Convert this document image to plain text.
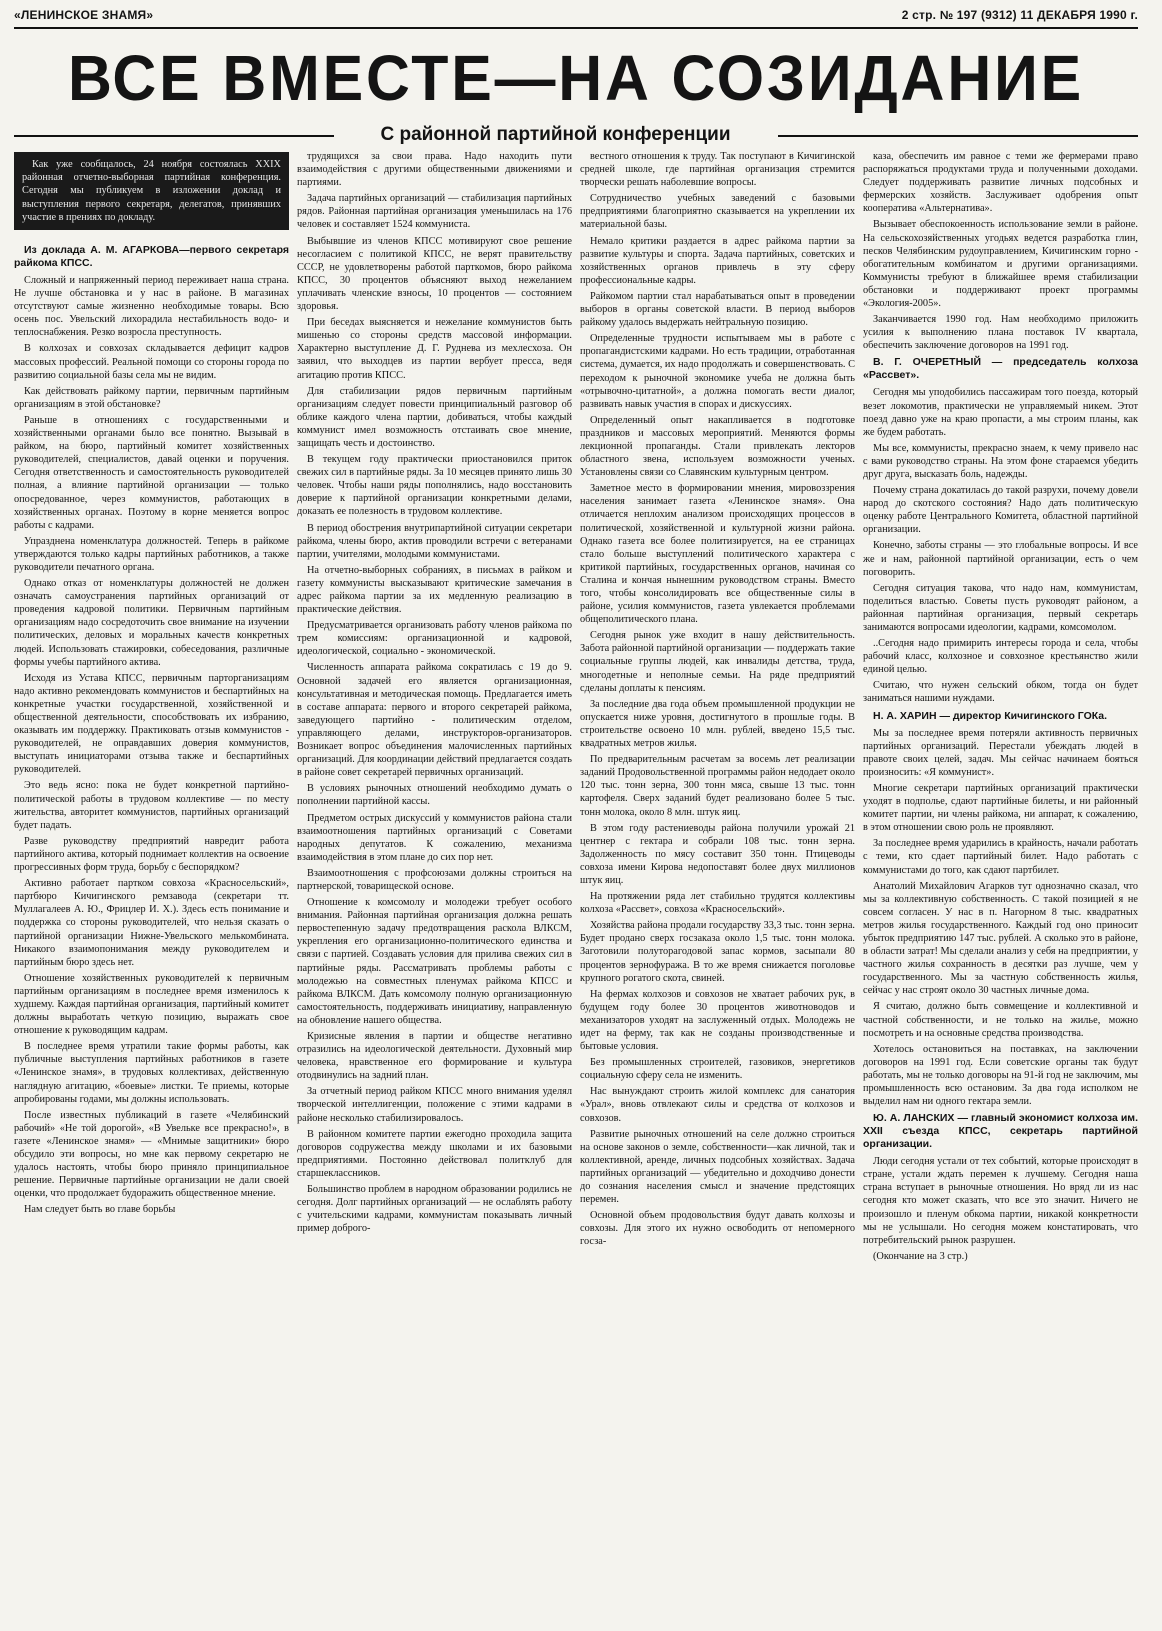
«ЛЕНИНСКОЕ ЗНАМЯ»	2 стр. № 197 (9312) 11 ДЕКАБРЯ 1990 г.
ВСЕ ВМЕСТЕ—НА СОЗИДАНИЕ
С районной партийной конференции
Как уже сообщалось, 24 ноября состоялась XXIX районная отчетно-выборная партийная конференция. Сегодня мы публикуем в изложении доклад и выступления первого секретаря, делегатов, принявших участие в прениях по докладу.
Из доклада А. М. АГАРКОВА—первого секретаря райкома КПСС.

Сложный и напряженный период переживает наша страна. Не лучше обстановка и у нас в районе. В магазинах отсутствуют самые жизненно необходимые товары. Всю осень пос. Увельский лихорадила нестабильность водо- и теплоснабжения. Резко возросла преступность.

В колхозах и совхозах складывается дефицит кадров массовых профессий. Реальной помощи со стороны города по развитию социальной базы села мы не видим.

Как действовать райкому партии, первичным партийным организациям в этой обстановке?

Раньше в отношениях с государственными и хозяйственными органами было все понятно. Вызывай в райком, на бюро, партийный комитет хозяйственных руководителей, специалистов, давай оценки и поручения. Сегодня ответственность и самостоятельность руководителей полная, а влияние партийной организации — только опосредованное, через коммунистов, работающих в хозяйственных органах. Поэтому в корне меняется вопрос работы с кадрами.

Упразднена номенклатура должностей. Теперь в райкоме утверждаются только кадры партийных работников, а также руководители печатного органа.

Однако отказ от номенклатуры должностей не должен означать самоустранения партийных организаций от проведения кадровой политики. Первичным партийным организациям надо сосредоточить свое внимание на изучении политических, деловых и моральных качеств конкретных людей. Использовать стажировки, собеседования, различные формы учебы партийного актива.

Исходя из Устава КПСС, первичным парторганизациям надо активно рекомендовать коммунистов и беспартийных на конкретные участки государственной, хозяйственной и общественной деятельности, способствовать их избранию, оказывать им поддержку. Практиковать отзыв коммунистов - руководителей, не оправдавших доверия коммунистов, выступать инициаторами отзыва также и беспартийных руководителей.

Это ведь ясно: пока не будет конкретной партийно-политической работы в трудовом коллективе — по месту жительства, авторитет коммунистов, партийных организаций будет падать.

Разве руководству предприятий навредит работа партийного актива, который поднимает коллектив на освоение прогрессивных форм труда, борьбу с беспорядком?

Активно работает партком совхоза «Красносельский», партбюро Кичигинского ремзавода (секретари тт. Муллагалеев А. Ю., Фрицлер И. Х.). Здесь есть понимание и поддержка со стороны руководителей, что нельзя сказать о партийной организации Нижне-Увельского мелькомбината. Никакого взаимопонимания между руководителем и партийным бюро здесь нет.

Отношение хозяйственных руководителей к первичным партийным организациям в последнее время изменилось к худшему. Каждая партийная организация, партийный комитет должны выработать четкую позицию, выражать свое отношение к руководящим кадрам.

В последнее время утратили такие формы работы, как публичные выступления партийных работников в газете «Ленинское знамя», в трудовых коллективах, действенную наглядную агитацию, «боевые» листки. Те приемы, которые апробированы годами, мы должны использовать.

После известных публикаций в газете «Челябинский рабочий» «Не той дорогой», «В Увельке все прекрасно!», в газете «Ленинское знамя» — «Мнимые защитники» бюро обсудило эти вопросы, но мне как первому секретарю не удалось настоять, чтобы бюро приняло принципиальное решение. Первичные партийные организации не дали своей оценки, что продолжает будоражить общественное мнение.

Нам следует быть во главе борьбы

трудящихся за свои права. Надо находить пути взаимодействия с другими общественными движениями и партиями.

Задача партийных организаций — стабилизация партийных рядов. Районная партийная организация уменьшилась на 176 человек и составляет 1524 коммуниста.

Выбывшие из членов КПСС мотивируют свое решение несогласием с политикой КПСС, не верят правительству СССР, не удовлетворены работой парткомов, бюро райкома КПСС, 30 процентов объясняют выход нежеланием уплачивать членские взносы, 10 процентов — состоянием здоровья.

При беседах выясняется и нежелание коммунистов быть мишенью со стороны средств массовой информации. Характерно выступление Д. Г. Руднева из мехлесхоза. Он заявил, что выходцев из партии вербует пресса, ведя агитацию против КПСС.

Для стабилизации рядов первичным партийным организациям следует повести принципиальный разговор об облике каждого члена партии, добиваться, чтобы каждый коммунист имел возможность отстаивать свое мнение, защищать честь и достоинство.

В текущем году практически приостановился приток свежих сил в партийные ряды. За 10 месяцев принято лишь 30 человек. Чтобы наши ряды пополнялись, надо восстановить доверие к партийной организации конкретными делами, доказать ее полезность в трудовом коллективе.

В период обострения внутрипартийной ситуации секретари райкома, члены бюро, актив проводили встречи с ветеранами партии, учителями, молодыми коммунистами.

На отчетно-выборных собраниях, в письмах в райком и газету коммунисты высказывают критические замечания в адрес райкома партии за их медленную реализацию в практические действия.

Предусматривается организовать работу членов райкома по трем комиссиям: организационной и кадровой, идеологической, социально - экономической.

Численность аппарата райкома сократилась с 19 до 9. Основной задачей его является организационная, консультативная и методическая помощь. Предлагается иметь в составе аппарата: первого и второго секретарей райкома, заведующего партийно - политическим отделом, управляющего делами, инструкторов-организаторов. Возникает вопрос объединения малочисленных партийных организаций. Для координации действий предлагается создать в районе совет секретарей первичных организаций.

В условиях рыночных отношений необходимо думать о пополнении партийной кассы.

Предметом острых дискуссий у коммунистов района стали взаимоотношения партийных организаций с Советами народных депутатов. К сожалению, механизма взаимодействия в этом плане до сих пор нет.

Взаимоотношения с профсоюзами должны строиться на партнерской, товарищеской основе.

Отношение к комсомолу и молодежи требует особого внимания. Районная партийная организация должна решать первостепенную задачу предотвращения раскола ВЛКСМ, укрепления его организационно-политического единства и связи с партией. Создавать условия для прилива свежих сил в партийные ряды. Рассматривать проблемы работы с молодежью на совместных пленумах райкома КПСС и райкома ВЛКСМ. Дать комсомолу полную организационную самостоятельность, поддерживать инициативу, направленную на обновление нашего общества.

Кризисные явления в партии и обществе негативно отразились на идеологической деятельности. Духовный мир человека, нравственное его формирование и культура отодвинулись на задний план.

За отчетный период райком КПСС много внимания уделял творческой интеллигенции, положение с этими кадрами в районе несколько стабилизировалось.

В районном комитете партии ежегодно проходила защита договоров содружества между школами и их базовыми предприятиями. Постоянно действовал политклуб для старшеклассников.

Большинство проблем в народном образовании родились не сегодня. Долг партийных организаций — не ослаблять работу с учительскими кадрами, коммунистам показывать личный пример доброго-

вестного отношения к труду. Так поступают в Кичигинской средней школе, где партийная организация стремится творчески решать наболевшие вопросы.

Сотрудничество учебных заведений с базовыми предприятиями благоприятно сказывается на укреплении их материальной базы.

Немало критики раздается в адрес райкома партии за развитие культуры и спорта. Задача партийных, советских и хозяйственных органов привлечь в эту сферу профессиональные кадры.

Райкомом партии стал нарабатываться опыт в проведении выборов в органы советской власти. В период выборов райкому удалось выдержать нейтральную позицию.

Определенные трудности испытываем мы в работе с пропагандистскими кадрами. Но есть традиции, отработанная система, думается, их надо продолжать и совершенствовать. С переходом к рыночной экономике учеба не должна быть «отрывочно-цитатной», а должна помогать вести диалог, развивать навык участия в спорах и дискуссиях.

Определенный опыт накапливается в подготовке праздников и массовых мероприятий. Меняются формы лекционной пропаганды. Стали привлекать лекторов областного звена, используем возможности ученых. Установлены связи со Славянским культурным центром.

Заметное место в формировании мнения, мировоззрения населения занимает газета «Ленинское знамя». Она отличается неплохим анализом происходящих процессов в политической, хозяйственной и культурной жизни района. Однако газета все более политизируется, на ее страницах стало больше выступлений политического характера с критикой партийных, государственных органов, начиная со Сталина и кончая нынешним руководством страны. Вместо того, чтобы консолидировать все общественные силы в районе, усилия коммунистов, газета увлекается проблемами общеполитического плана.

Сегодня рынок уже входит в нашу действительность. Забота районной партийной организации — поддержать такие социальные группы людей, как инвалиды детства, труда, многодетные и неполные семьи. На ряде предприятий сделаны доплаты к пенсиям.

За последние два года объем промышленной продукции не опускается ниже уровня, достигнутого в прошлые годы. В строительстве освоено 10 млн. рублей, введено 15,5 тыс. квадратных метров жилья.

По предварительным расчетам за восемь лет реализации заданий Продовольственной программы район недодает около 120 тыс. тонн зерна, 300 тонн мяса, свыше 13 тыс. тонн картофеля. Сверх заданий будет реализовано более 5 тыс. тонн молока, около 8 млн. штук яиц.

В этом году растениеводы района получили урожай 21 центнер с гектара и собрали 108 тыс. тонн зерна. Задолженность по мясу составит 350 тонн. Птицеводы совхоза имени Кирова недопоставят более двух миллионов штук яиц.

На протяжении ряда лет стабильно трудятся коллективы колхоза «Рассвет», совхоза «Красносельский».

Хозяйства района продали государству 33,3 тыс. тонн зерна. Будет продано сверх госзаказа около 1,5 тыс. тонн молока. Заготовили полуторагодовой запас кормов, засыпали 80 процентов зернофуража. В то же время снижается поголовье крупного рогатого скота, свиней.

На фермах колхозов и совхозов не хватает рабочих рук, в будущем году более 30 процентов животноводов и механизаторов уходят на заслуженный отдых. Молодежь не идет на ферму, так как не созданы производственные и бытовые условия.

Без промышленных строителей, газовиков, энергетиков социальную сферу села не изменить.

Нас вынуждают строить жилой комплекс для санатория «Урал», вновь отвлекают силы и средства от колхозов и совхозов.

Развитие рыночных отношений на селе должно строиться на основе законов о земле, собственности—как личной, так и коллективной, аренде, личных подсобных хозяйствах. Задача партийных организаций — убедительно и доходчиво донести до сознания населения смысл и значение предстоящих перемен.

Основной объем продовольствия будут давать колхозы и совхозы. Для этого их нужно освободить от непомерного госза-

каза, обеспечить им равное с теми же фермерами право распоряжаться продуктами труда и полученными доходами. Следует поддерживать развитие личных подсобных и фермерских хозяйств. Заслуживает одобрения опыт кооператива «Альтернатива».

Вызывает обеспокоенность использование земли в районе. На сельскохозяйственных угодьях ведется разработка глин, песков Челябинским рудоуправлением, Кичигинским горно - обогатительным комбинатом и другими организациями. Коммунисты требуют в ближайшее время стабилизации обстановки и поддерживают проект программы «Экология-2005».

Заканчивается 1990 год. Нам необходимо приложить усилия к выполнению плана поставок IV квартала, обеспечить заключение договоров на 1991 год.

В. Г. ОЧЕРЕТНЫЙ — председатель колхоза «Рассвет».

Сегодня мы уподобились пассажирам того поезда, который везет локомотив, практически не управляемый никем. Этот поезд давно уже на краю пропасти, а мы строим планы, как же будем работать.

Мы все, коммунисты, прекрасно знаем, к чему привело нас с вами руководство страны. На этом фоне стараемся убедить друг друга, высказать боль, надежды.

Почему страна докатилась до такой разрухи, почему довели народ до скотского состояния? Надо дать политическую оценку работе Центрального Комитета, областной партийной организации.

Конечно, заботы страны — это глобальные вопросы. И все же и нам, районной партийной организации, есть о чем поговорить.

Сегодня ситуация такова, что надо нам, коммунистам, поделиться властью. Советы пусть руководят районом, а районная партийная организация, первый секретарь занимаются вопросами идеологии, кадрами, комсомолом.

..Сегодня надо примирить интересы города и села, чтобы рабочий класс, колхозное и совхозное крестьянство жили единой целью.

Считаю, что нужен сельский обком, тогда он будет заниматься нашими нуждами.

Н. А. ХАРИН — директор Кичигинского ГОКа.

Мы за последнее время потеряли активность первичных партийных организаций. Перестали убеждать людей в правоте своих целей, задач. Мы сейчас начинаем бояться произносить: «Я коммунист».

Многие секретари партийных организаций практически уходят в подполье, сдают партийные билеты, и ни районный комитет партии, ни члены райкома, ни аппарат, к сожалению, в этом отношении свою роль не проявляют.

За последнее время ударились в крайность, начали работать с теми, кто сдает партийный билет. Надо работать с коммунистами до того, как сдают партбилет.

Анатолий Михайлович Агарков тут однозначно сказал, что мы за коллективную собственность. С такой позицией я не совсем согласен. У нас в п. Нагорном 8 тыс. квадратных метров жилья государственного. Каждый год оно приносит убыток предприятию 147 тыс. рублей. А сколько это в районе, в области затрат! Мы сделали анализ у себя на предприятии, у частного жилья сохранность в десятки раз лучше, чем у государственного. Мы за частную собственность жилья, сейчас у нас строят около 30 частных личные дома.

Я считаю, должно быть совмещение и коллективной и частной собственности, и не только на жилье, можно посмотреть и на основные средства производства.

Хотелось остановиться на поставках, на заключении договоров на 1991 год. Если советские органы так будут работать, мы не только договоры на 91-й год не заключим, мы промышленность всю остановим. За два года исполком не выделил нам ни одного гектара земли.

Ю. А. ЛАНСКИХ — главный экономист колхоза им. XXII съезда КПСС, секретарь партийной организации.

Люди сегодня устали от тех событий, которые происходят в стране, устали ждать перемен к лучшему. Сегодня наша страна вступает в рыночные отношения. Но вряд ли из нас сегодня кто может сказать, что все это значит. Ничего не произошло и пленум обкома партии, никакой конкретности мы не услышали. Но сегодня можем констатировать, что потребительский рынок разрушен.

(Окончание на 3 стр.)
